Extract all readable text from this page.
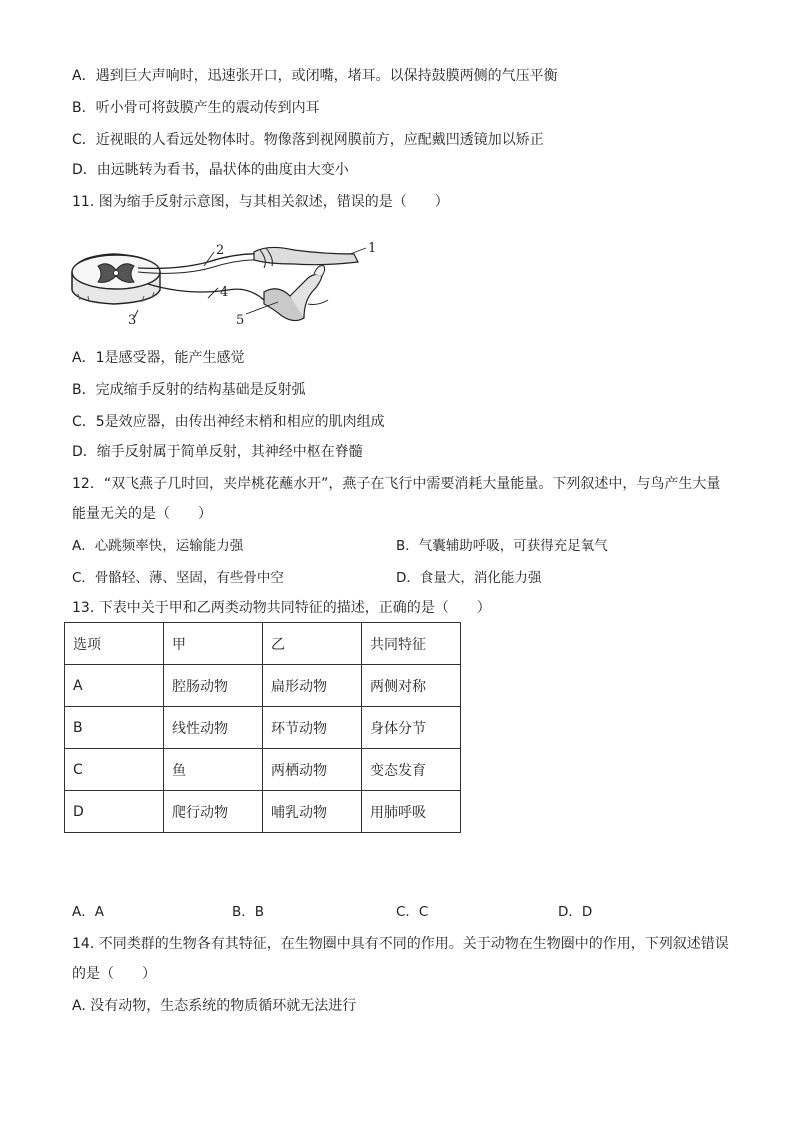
A．遇到巨大声响时，迅速张开口，或闭嘴，堵耳。以保持鼓膜两侧的气压平衡
B．听小骨可将鼓膜产生的震动传到内耳
C．近视眼的人看远处物体时。物像落到视网膜前方，应配戴凹透镜加以矫正
D．由远眺转为看书，晶状体的曲度由大变小
11. 图为缩手反射示意图，与其相关叙述，错误的是（　　）
1
2
3
4
5
A．1是感受器，能产生感觉
B．完成缩手反射的结构基础是反射弧
C．5是效应器，由传出神经末梢和相应的肌肉组成
D．缩手反射属于简单反射，其神经中枢在脊髓
12．“双飞燕子几时回，夹岸桃花蘸水开”，燕子在飞行中需要消耗大量能量。下列叙述中，与鸟产生大量
能量无关的是（　　）
A．心跳频率快，运输能力强	B．气囊辅助呼吸，可获得充足氧气
C．骨骼轻、薄、坚固，有些骨中空	D．食量大，消化能力强
13. 下表中关于甲和乙两类动物共同特征的描述，正确的是（　　）
选项	甲	乙	共同特征
A	腔肠动物	扁形动物	两侧对称
B	线性动物	环节动物	身体分节
C	鱼	两栖动物	变态发育
D	爬行动物	哺乳动物	用肺呼吸
A．A	B．B	C．C	D．D
14. 不同类群的生物各有其特征，在生物圈中具有不同的作用。关于动物在生物圈中的作用，下列叙述错误
的是（　　）
A. 没有动物，生态系统的物质循环就无法进行
